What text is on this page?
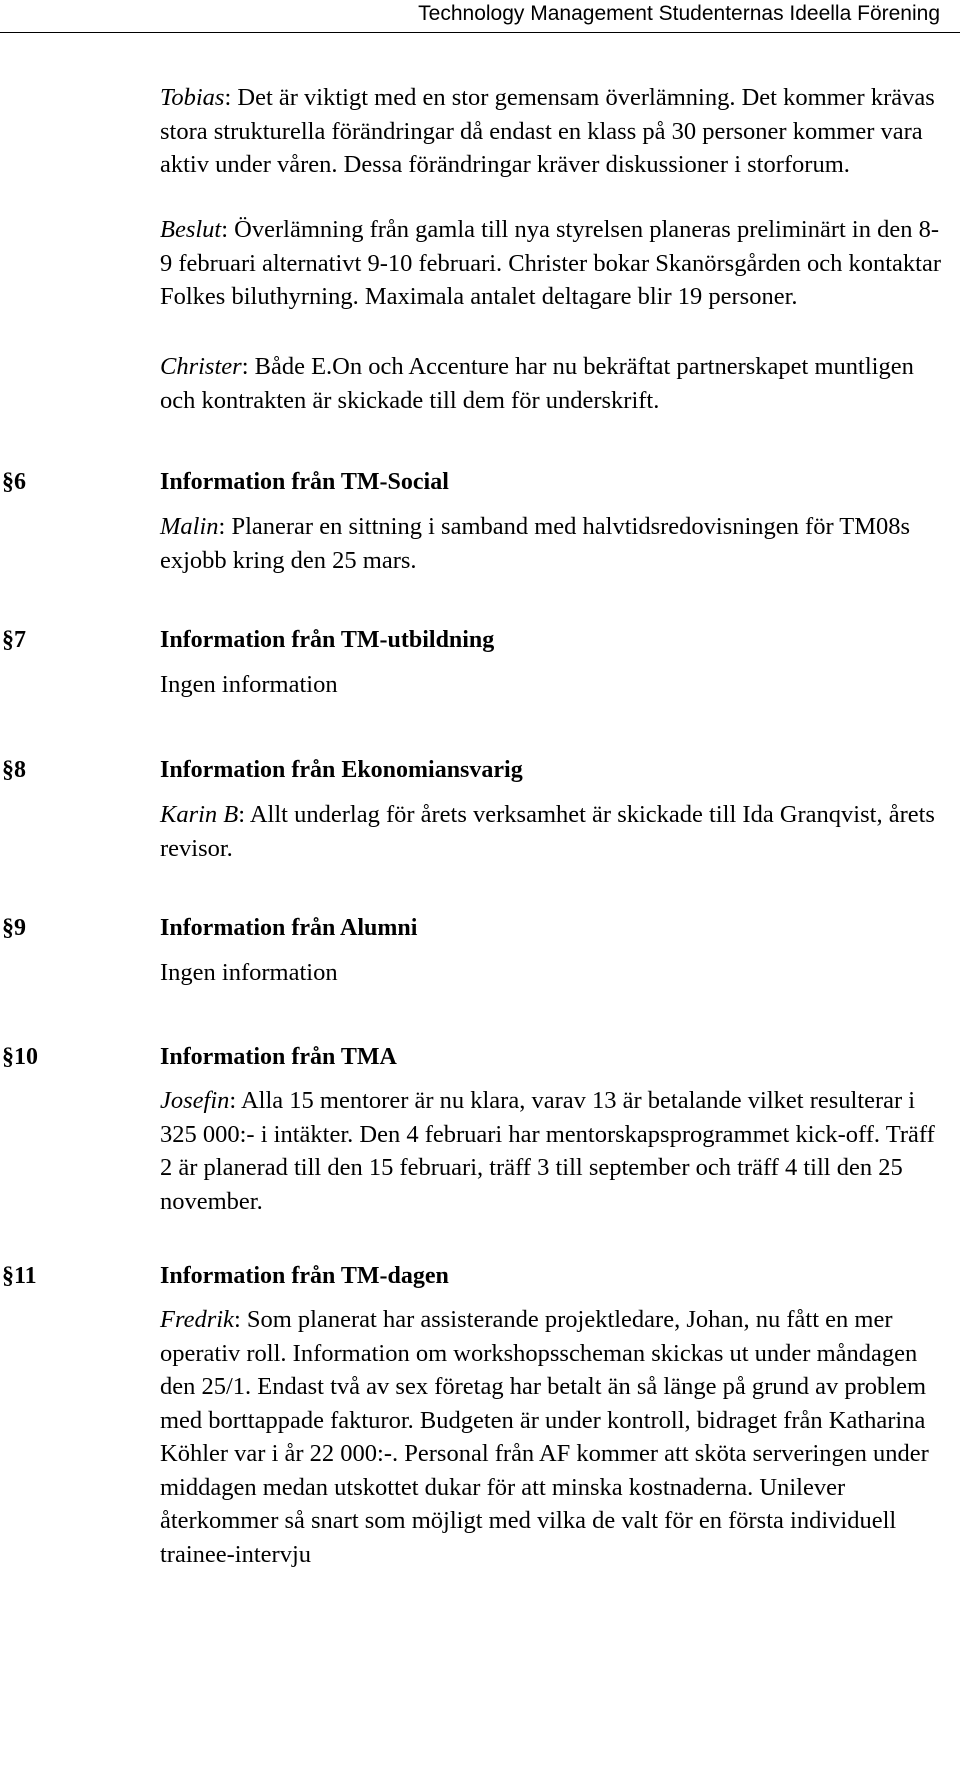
Technology Management Studenternas Ideella Förening

Tobias: Det är viktigt med en stor gemensam överlämning. Det kommer krävas stora strukturella förändringar då endast en klass på 30 personer kommer vara aktiv under våren. Dessa förändringar kräver diskussioner i storforum.

Beslut: Överlämning från gamla till nya styrelsen planeras preliminärt in den 8-9 februari alternativt 9-10 februari. Christer bokar Skanörsgården och kontaktar Folkes biluthyrning. Maximala antalet deltagare blir 19 personer.

Christer: Både E.On och Accenture har nu bekräftat partnerskapet muntligen och kontrakten är skickade till dem för underskrift.

§6	Information från TM-Social

Malin: Planerar en sittning i samband med halvtidsredovisningen för TM08s exjobb kring den 25 mars.

§7	Information från TM-utbildning

Ingen information

§8	Information från Ekonomiansvarig

Karin B: Allt underlag för årets verksamhet är skickade till Ida Granqvist, årets revisor.

§9	Information från Alumni

Ingen information

§10	Information från TMA

Josefin: Alla 15 mentorer är nu klara, varav 13 är betalande vilket resulterar i 325 000:- i intäkter. Den 4 februari har mentorskapsprogrammet kick-off. Träff 2 är planerad till den 15 februari, träff 3 till september och träff 4 till den 25 november.

§11	Information från TM-dagen

Fredrik: Som planerat har assisterande projektledare, Johan, nu fått en mer operativ roll. Information om workshopsscheman skickas ut under måndagen den 25/1. Endast två av sex företag har betalt än så länge på grund av problem med borttappade fakturor. Budgeten är under kontroll, bidraget från Katharina Köhler var i år 22 000:-. Personal från AF kommer att sköta serveringen under middagen medan utskottet dukar för att minska kostnaderna. Unilever återkommer så snart som möjligt med vilka de valt för en första individuell trainee-intervju
